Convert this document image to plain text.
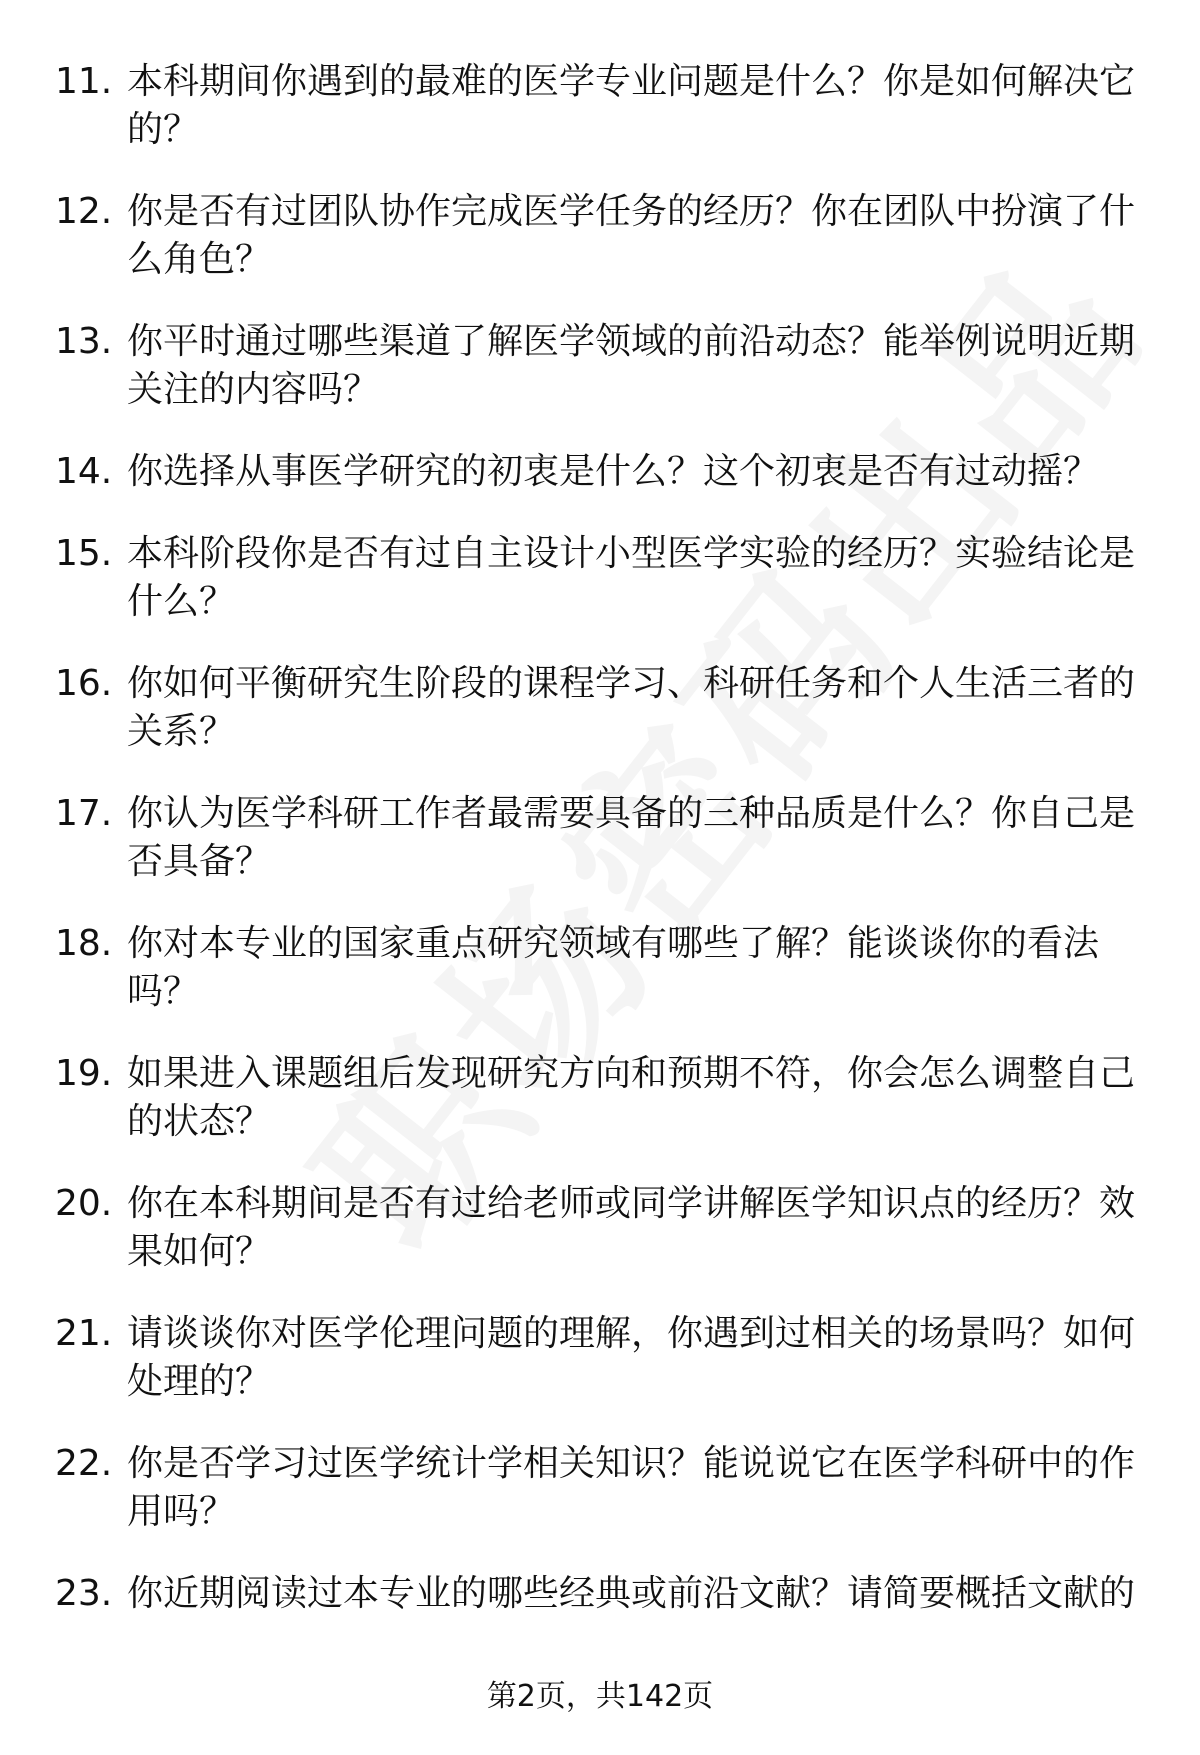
11. 本科期间你遇到的最难的医学专业问题是什么？你是如何解决它的？
12. 你是否有过团队协作完成医学任务的经历？你在团队中扮演了什么角色？
13. 你平时通过哪些渠道了解医学领域的前沿动态？能举例说明近期关注的内容吗？
14. 你选择从事医学研究的初衷是什么？这个初衷是否有过动摇？
15. 本科阶段你是否有过自主设计小型医学实验的经历？实验结论是什么？
16. 你如何平衡研究生阶段的课程学习、科研任务和个人生活三者的关系？
17. 你认为医学科研工作者最需要具备的三种品质是什么？你自己是否具备？
18. 你对本专业的国家重点研究领域有哪些了解？能谈谈你的看法吗？
19. 如果进入课题组后发现研究方向和预期不符，你会怎么调整自己的状态？
20. 你在本科期间是否有过给老师或同学讲解医学知识点的经历？效果如何？
21. 请谈谈你对医学伦理问题的理解，你遇到过相关的场景吗？如何处理的？
22. 你是否学习过医学统计学相关知识？能说说它在医学科研中的作用吗？
23. 你近期阅读过本专业的哪些经典或前沿文献？请简要概括文献的
第2页，共142页
